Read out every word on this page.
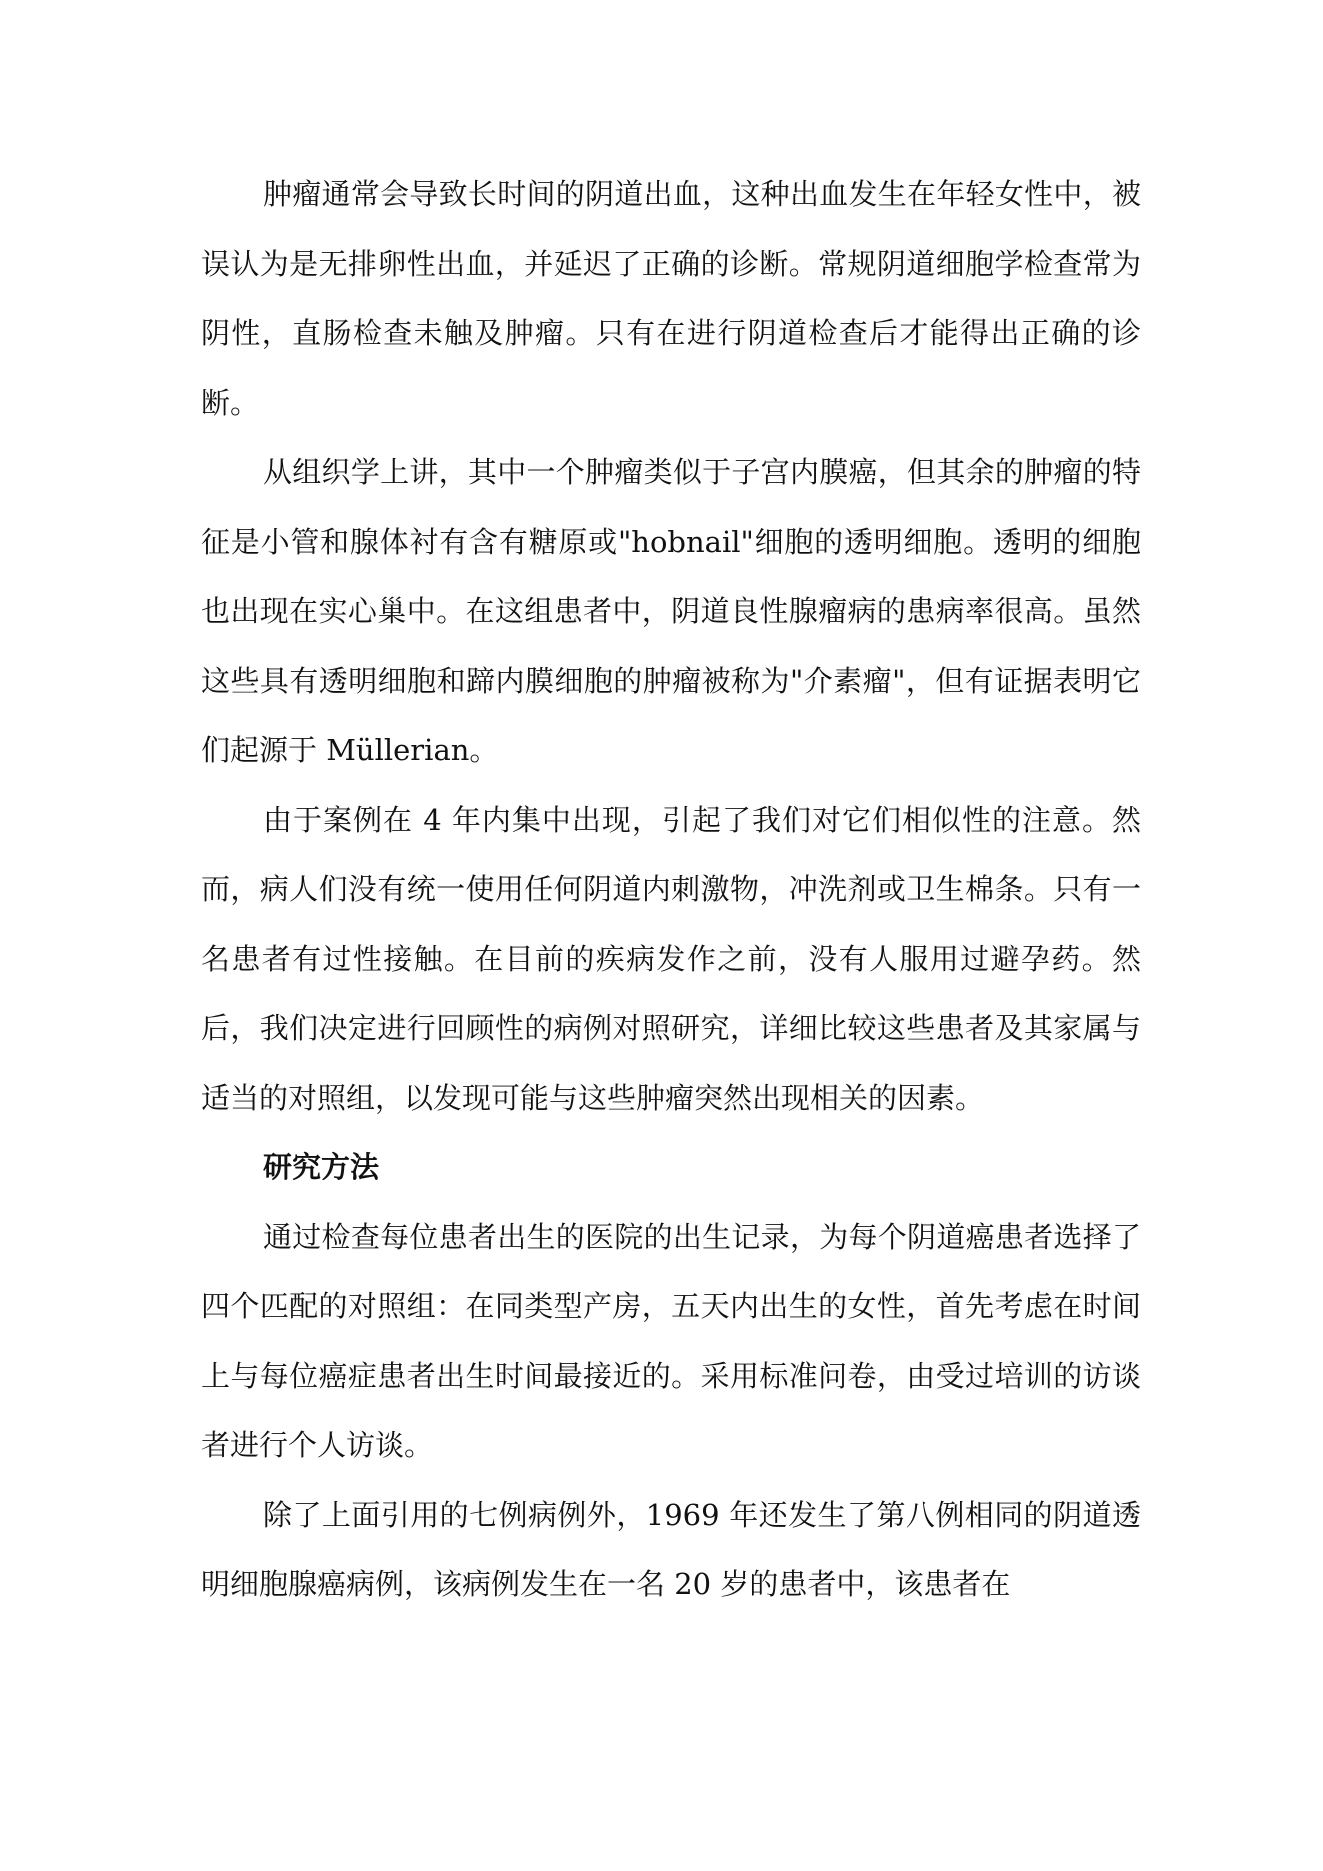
肿瘤通常会导致长时间的阴道出血，这种出血发生在年轻女性中，被误认为是无排卵性出血，并延迟了正确的诊断。常规阴道细胞学检查常为阴性，直肠检查未触及肿瘤。只有在进行阴道检查后才能得出正确的诊断。

从组织学上讲，其中一个肿瘤类似于子宫内膜癌，但其余的肿瘤的特征是小管和腺体衬有含有糖原或"hobnail"细胞的透明细胞。透明的细胞也出现在实心巢中。在这组患者中，阴道良性腺瘤病的患病率很高。虽然这些具有透明细胞和蹄内膜细胞的肿瘤被称为"介素瘤"，但有证据表明它们起源于 Müllerian。

由于案例在 4 年内集中出现，引起了我们对它们相似性的注意。然而，病人们没有统一使用任何阴道内刺激物，冲洗剂或卫生棉条。只有一名患者有过性接触。在目前的疾病发作之前，没有人服用过避孕药。然后，我们决定进行回顾性的病例对照研究，详细比较这些患者及其家属与适当的对照组，以发现可能与这些肿瘤突然出现相关的因素。

研究方法

通过检查每位患者出生的医院的出生记录，为每个阴道癌患者选择了四个匹配的对照组：在同类型产房，五天内出生的女性，首先考虑在时间上与每位癌症患者出生时间最接近的。采用标准问卷，由受过培训的访谈者进行个人访谈。

除了上面引用的七例病例外，1969 年还发生了第八例相同的阴道透明细胞腺癌病例，该病例发生在一名 20 岁的患者中，该患者在
